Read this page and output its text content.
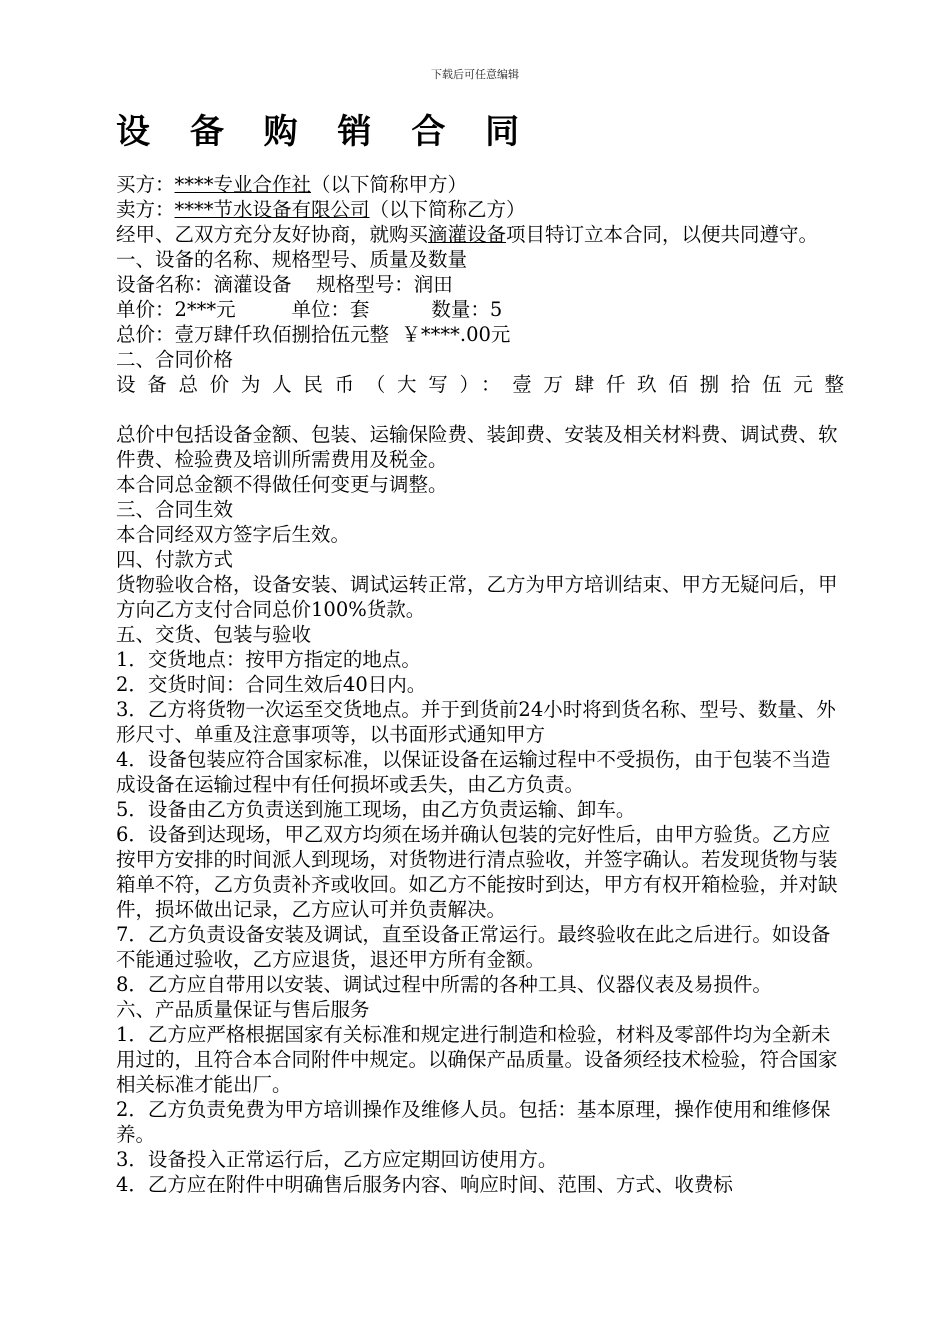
下载后可任意编辑
设 备 购 销 合 同
买方：****专业合作社（以下简称甲方）
卖方：****节水设备有限公司（以下简称乙方）
经甲、乙双方充分友好协商，就购买滴灌设备项目特订立本合同，以便共同遵守。
一、设备的名称、规格型号、质量及数量
设备名称：滴灌设备    规格型号：润田
单价：2***元         单位：套          数量：5
总价：壹万肆仟玖佰捌拾伍元整  ￥****.00元
二、合同价格
设备总价为人民币（大写）：壹万肆仟玖佰捌拾伍元整
总价中包括设备金额、包装、运输保险费、装卸费、安装及相关材料费、调试费、软件费、检验费及培训所需费用及税金。
本合同总金额不得做任何变更与调整。
三、合同生效
本合同经双方签字后生效。
四、付款方式
货物验收合格，设备安装、调试运转正常，乙方为甲方培训结束、甲方无疑问后，甲方向乙方支付合同总价100%货款。
五、交货、包装与验收
1．交货地点：按甲方指定的地点。
2．交货时间：合同生效后40日内。
3．乙方将货物一次运至交货地点。并于到货前24小时将到货名称、型号、数量、外形尺寸、单重及注意事项等，以书面形式通知甲方
4．设备包装应符合国家标准，以保证设备在运输过程中不受损伤，由于包装不当造成设备在运输过程中有任何损坏或丢失，由乙方负责。
5．设备由乙方负责送到施工现场，由乙方负责运输、卸车。
6．设备到达现场，甲乙双方均须在场并确认包装的完好性后，由甲方验货。乙方应按甲方安排的时间派人到现场，对货物进行清点验收，并签字确认。若发现货物与装箱单不符，乙方负责补齐或收回。如乙方不能按时到达，甲方有权开箱检验，并对缺件，损坏做出记录，乙方应认可并负责解决。
7．乙方负责设备安装及调试，直至设备正常运行。最终验收在此之后进行。如设备不能通过验收，乙方应退货，退还甲方所有金额。
8．乙方应自带用以安装、调试过程中所需的各种工具、仪器仪表及易损件。
六、产品质量保证与售后服务
1．乙方应严格根据国家有关标准和规定进行制造和检验，材料及零部件均为全新未用过的，且符合本合同附件中规定。以确保产品质量。设备须经技术检验，符合国家相关标准才能出厂。
2．乙方负责免费为甲方培训操作及维修人员。包括：基本原理，操作使用和维修保养。
3．设备投入正常运行后，乙方应定期回访使用方。
4．乙方应在附件中明确售后服务内容、响应时间、范围、方式、收费标
